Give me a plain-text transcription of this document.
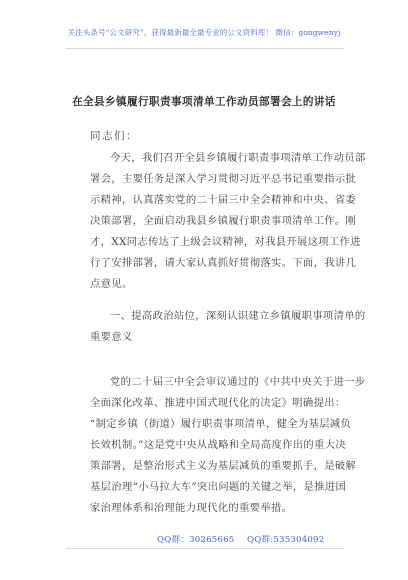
关注头条号“公文研究”，获得最新最全最专业的公文资料库！ 微信：gongwenyj
在全县乡镇履行职责事项清单工作动员部署会上的讲话
同志们：
今天，我们召开全县乡镇履行职责事项清单工作动员部
署会，主要任务是深入学习贯彻习近平总书记重要指示批
示精神，认真落实党的二十届三中全会精神和中央、省委
决策部署，全面启动我县乡镇履行职责事项清单工作。刚
才，XX同志传达了上级会议精神，对我县开展这项工作进
行了安排部署，请大家认真抓好贯彻落实。下面，我讲几
点意见。
一、提高政治站位，深刻认识建立乡镇履职事项清单的
重要意义
党的二十届三中全会审议通过的《中共中央关于进一步
全面深化改革、推进中国式现代化的决定》明确提出：
“制定乡镇（街道）履行职责事项清单，健全为基层减负
长效机制。”这是党中央从战略和全局高度作出的重大决
策部署，是整治形式主义为基层减负的重要抓手，是破解
基层治理“小马拉大车”突出问题的关键之举，是推进国
家治理体系和治理能力现代化的重要举措。
QQ群：30265665 QQ群:535304092
